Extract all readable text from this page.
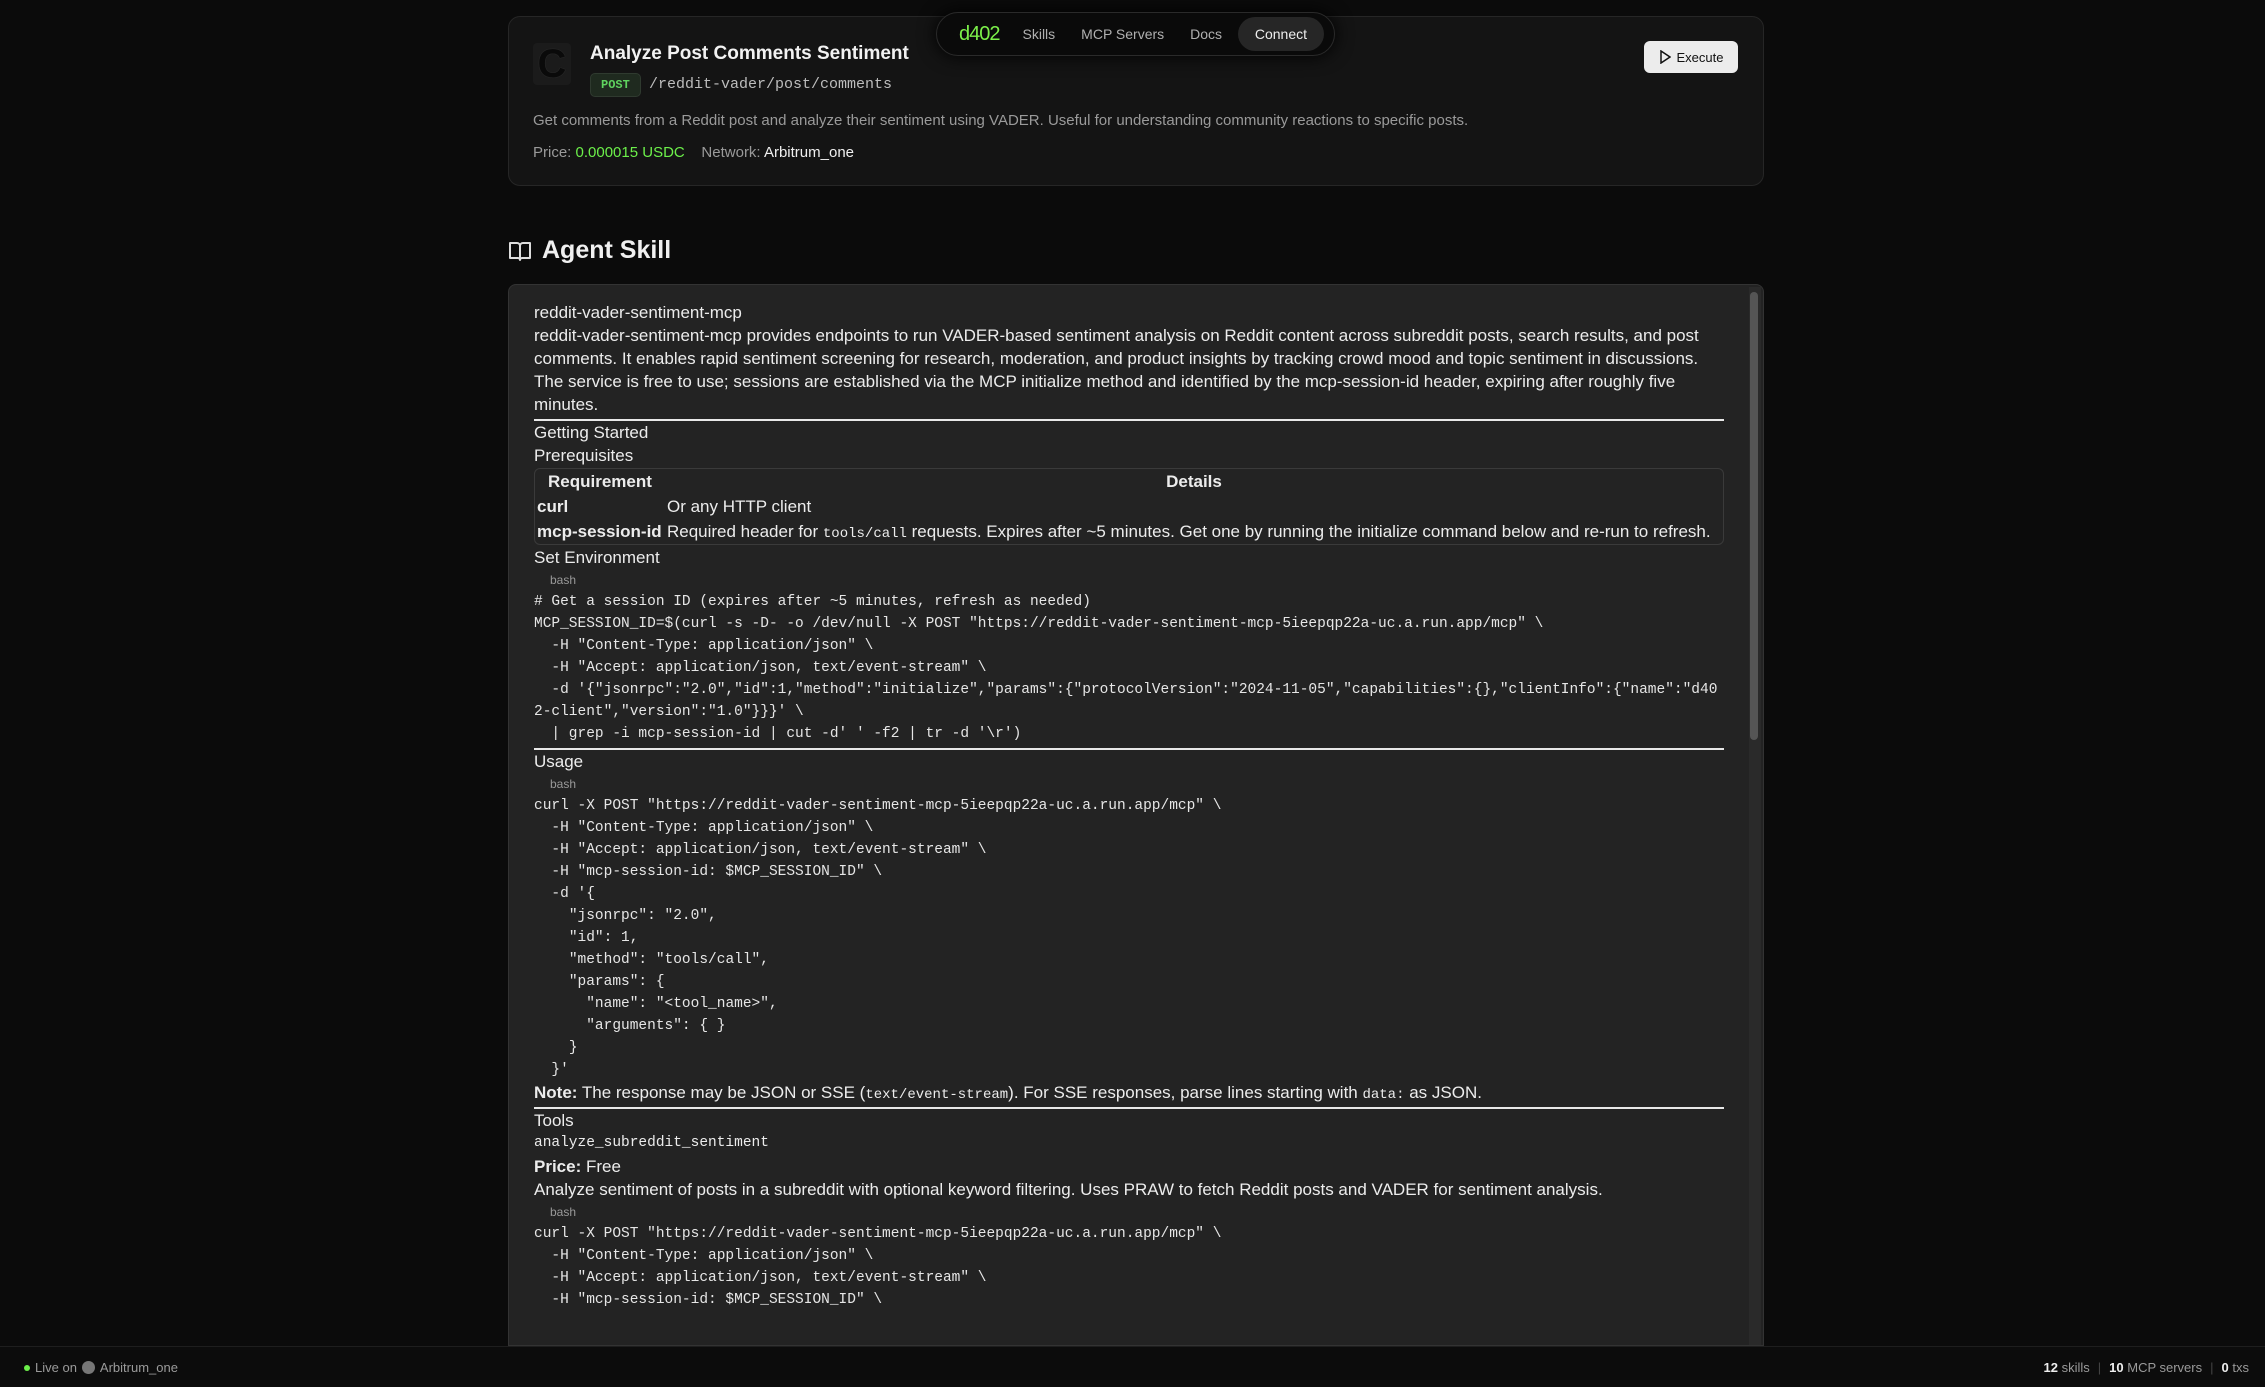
C Analyze Post Comments Sentiment
POST	/reddit-vader/post/comments
Get comments from a Reddit post and analyze their sentiment using VADER. Useful for understanding community reactions to specific posts.
Price: 0.000015 USDC Network: Arbitrum_one
Execute
d402 Skills MCP Servers Docs	Connect
Agent Skill
reddit-vader-sentiment-mcp
reddit-vader-sentiment-mcp provides endpoints to run VADER-based sentiment analysis on Reddit content across subreddit posts, search results, and post comments. It enables rapid sentiment screening for research, moderation, and product insights by tracking crowd mood and topic sentiment in discussions. The service is free to use; sessions are established via the MCP initialize method and identified by the mcp-session-id header, expiring after roughly five minutes.
Getting Started
Prerequisites
Requirement	Details
curl	Or any HTTP client
mcp-session-id	Required header for tools/call requests. Expires after ~5 minutes. Get one by running the initialize command below and re-run to refresh.
Set Environment
bash
# Get a session ID (expires after ~5 minutes, refresh as needed)
MCP_SESSION_ID=$(curl -s -D- -o /dev/null -X POST "https://reddit-vader-sentiment-mcp-5ieepqp22a-uc.a.run.app/mcp" \
-H "Content-Type: application/json" \
-H "Accept: application/json, text/event-stream" \
-d '{"jsonrpc":"2.0","id":1,"method":"initialize","params":{"protocolVersion":"2024-11-05","capabilities":{},"clientInfo":{"name":"d402-client","version":"1.0"}}}' \
| grep -i mcp-session-id | cut -d' ' -f2 | tr -d '\r')
Usage
bash
curl -X POST "https://reddit-vader-sentiment-mcp-5ieepqp22a-uc.a.run.app/mcp" \
-H "Content-Type: application/json" \
-H "Accept: application/json, text/event-stream" \
-H "mcp-session-id: $MCP_SESSION_ID" \
-d '{
"jsonrpc": "2.0",
"id": 1,
"method": "tools/call",
"params": {
"name": "<tool_name>",
"arguments": { }
}
}'
Note: The response may be JSON or SSE (text/event-stream). For SSE responses, parse lines starting with data: as JSON.
Tools
analyze_subreddit_sentiment
Price: Free
Analyze sentiment of posts in a subreddit with optional keyword filtering. Uses PRAW to fetch Reddit posts and VADER for sentiment analysis.
bash
curl -X POST "https://reddit-vader-sentiment-mcp-5ieepqp22a-uc.a.run.app/mcp" \
-H "Content-Type: application/json" \
-H "Accept: application/json, text/event-stream" \
-H "mcp-session-id: $MCP_SESSION_ID" \
Live on Arbitrum_one	12 skills | 10 MCP servers | 0 txs
